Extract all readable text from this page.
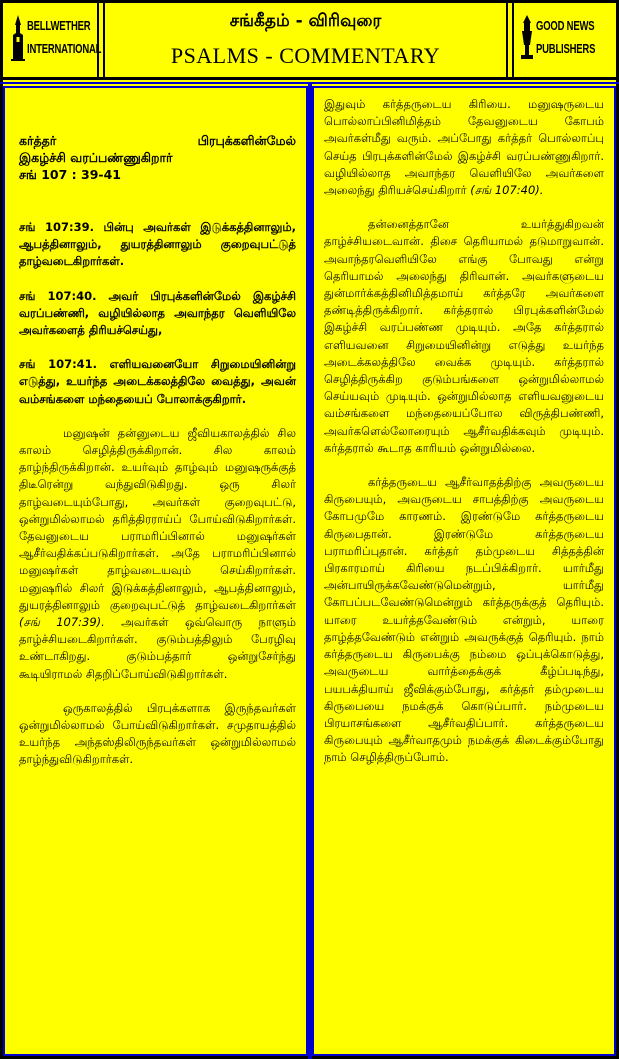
BELLWETHER
INTERNATIONAL
சங்கீதம் - விரிவுரை
PSALMS - COMMENTARY
GOOD NEWS
PUBLISHERS
கர்த்தர் பிரபுக்களின்மேல்
இகழ்ச்சி வரப்பண்ணுகிறார்
சங் 107 : 39-41
சங் 107:39. பின்பு அவர்கள் இடுக்கத்தினாலும், ஆபத்தினாலும், துயரத்தினாலும் குறைவுபட்டுத் தாழ்வடைகிறார்கள்.
சங் 107:40. அவர் பிரபுக்களின்மேல் இகழ்ச்சி வரப்பண்ணி, வழியில்லாத அவாந்தர வெளியிலே அவர்களைத் திரியச்செய்து,
சங் 107:41. எளியவனையோ சிறுமையினின்று எடுத்து, உயர்ந்த அடைக்கலத்திலே வைத்து, அவன் வம்சங்களை மந்தையைப் போலாக்குகிறார்.
மனுஷன் தன்னுடைய ஜீவியகாலத்தில் சில காலம் செழித்திருக்கிறான். சில காலம் தாழ்ந்திருக்கிறான். உயர்வும் தாழ்வும் மனுஷருக்குத் திடீரென்று வந்துவிடுகிறது. ஒரு சிலர் தாழ்வடையும்போது, அவர்கள் குறைவுபட்டு, ஒன்றுமில்லாமல் தரித்திரராய்ப் போய்விடுகிறார்கள். தேவனுடைய பராமரிப்பினால் மனுஷர்கள் ஆசீர்வதிக்கப்படுகிறார்கள். அதே பராமரிப்பினால் மனுஷர்கள் தாழ்வடையவும் செய்கிறார்கள். மனுஷரில் சிலர் இடுக்கத்தினாலும், ஆபத்தினாலும், துயரத்தினாலும் குறைவுபட்டுத் தாழ்வடைகிறார்கள் (சங் 107:39). அவர்கள் ஒவ்வொரு நாளும் தாழ்ச்சியடைகிறார்கள். குடும்பத்திலும் பேரழிவு உண்டாகிறது. குடும்பத்தார் ஒன்றுசேர்ந்து கூடியிராமல் சிதறிப்போய்விடுகிறார்கள்.
ஒருகாலத்தில் பிரபுக்களாக இருந்தவர்கள் ஒன்றுமில்லாமல் போய்விடுகிறார்கள். சமுதாயத்தில் உயர்ந்த அந்தஸ்திலிருந்தவர்கள் ஒன்றுமில்லாமல் தாழ்ந்துவிடுகிறார்கள்.
இதுவும் கர்த்தருடைய கிரியை. மனுஷருடைய பொல்லாப்பினிமித்தம் தேவனுடைய கோபம் அவர்கள்மீது வரும். அப்போது கர்த்தர் பொல்லாப்பு செய்த பிரபுக்களின்மேல் இகழ்ச்சி வரப்பண்ணுகிறார். வழியில்லாத அவாந்தர வெளியிலே அவர்களை அலைந்து திரியச்செய்கிறார் (சங் 107:40).
தன்னைத்தானே உயர்த்துகிறவன் தாழ்ச்சியடைவான். திசை தெரியாமல் தடுமாறுவான். அவாந்தரவெளியிலே எங்கு போவது என்று தெரியாமல் அலைந்து திரிவான். அவர்களுடைய துன்மார்க்கத்தினிமித்தமாய் கர்த்தரே அவர்களை தண்டித்திருக்கிறார். கர்த்தரால் பிரபுக்களின்மேல் இகழ்ச்சி வரப்பண்ண முடியும். அதே கர்த்தரால் எளியவனை சிறுமையினின்று எடுத்து உயர்ந்த அடைக்கலத்திலே வைக்க முடியும். கர்த்தரால் செழித்திருக்கிற குடும்பங்களை ஒன்றுமில்லாமல் செய்யவும் முடியும். ஒன்றுமில்லாத எளியவனுடைய வம்சங்களை மந்தையைப்போல விருத்திபண்ணி, அவர்களெல்லோரையும் ஆசீர்வதிக்கவும் முடியும். கர்த்தரால் கூடாத காரியம் ஒன்றுமில்லை.
கர்த்தருடைய ஆசீர்வாதத்திற்கு அவருடைய கிருபையும், அவருடைய சாபத்திற்கு அவருடைய கோபமுமே காரணம். இரண்டுமே கர்த்தருடைய கிருபைதான். இரண்டுமே கர்த்தருடைய பராமரிப்புதான். கர்த்தர் தம்முடைய சித்தத்தின் பிரகாரமாய் கிரியை நடப்பிக்கிறார். யார்மீது அன்பாயிருக்கவேண்டுமென்றும், யார்மீது கோபப்படவேண்டுமென்றும் கர்த்தருக்குத் தெரியும். யாரை உயர்த்தவேண்டும் என்றும், யாரை தாழ்த்தவேண்டும் என்றும் அவருக்குத் தெரியும். நாம் கர்த்தருடைய கிருபைக்கு நம்மை ஒப்புக்கொடுத்து, அவருடைய வார்த்தைக்குக் கீழ்ப்படிந்து, பயபக்தியாய் ஜீவிக்கும்போது, கர்த்தர் தம்முடைய கிருபையை நமக்குக் கொடுப்பார். நம்முடைய பிரயாசங்களை ஆசீர்வதிப்பார். கர்த்தருடைய கிருபையும் ஆசீர்வாதமும் நமக்குக் கிடைக்கும்போது நாம் செழித்திருப்போம்.
